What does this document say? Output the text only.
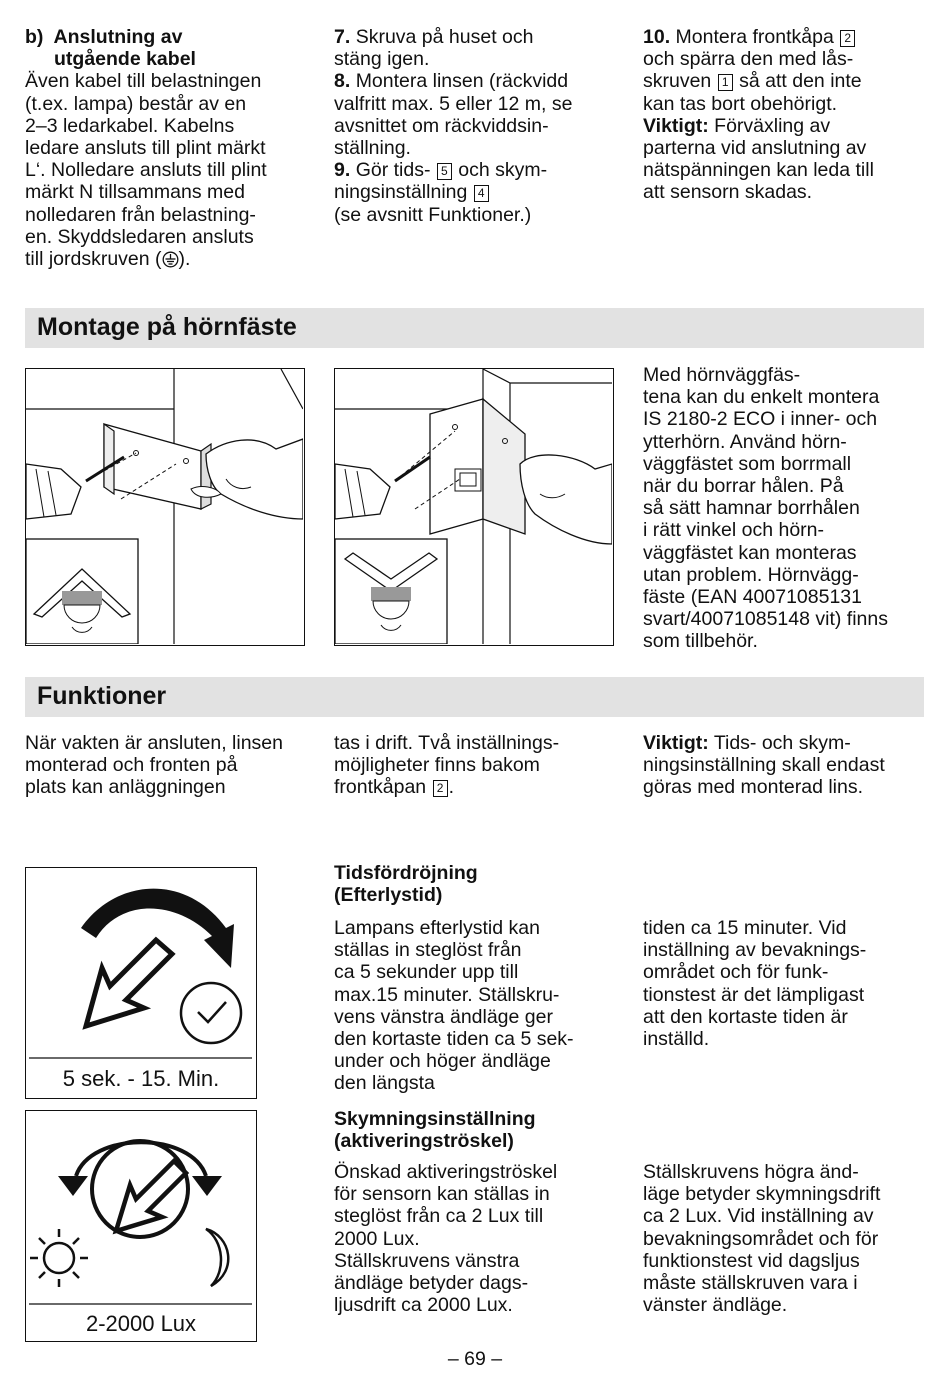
b) Anslutning av

utgående kabel

Även kabel till belastningen

(t.ex. lampa) består av en

2–3 ledarkabel. Kabelns

ledare ansluts till plint märkt

L‘. Nolledare ansluts till plint

märkt N tillsammans med

nolledaren från belastning-

en. Skyddsledaren ansluts

till jordskruven ( ).

7. Skruva på huset och

stäng igen.

8. Montera linsen (räckvidd

valfritt max. 5 eller 12 m, se

avsnittet om räckviddsin-

ställning.

9. Gör tids- 5 och skym-

ningsinställning 4

(se avsnitt Funktioner.)

10. Montera frontkåpa 2

och spärra den med lås-

skruven 1 så att den inte

kan tas bort obehörigt.

Viktigt: Förväxling av

parterna vid anslutning av

nätspänningen kan leda till

att sensorn skadas.

Montage på hörnfäste

Med hörnväggfäs-

tena kan du enkelt montera

IS 2180-2 ECO i inner- och

ytterhörn. Använd hörn-

väggfästet som borrmall

när du borrar hålen. På

så sätt hamnar borrhålen

i rätt vinkel och hörn-

väggfästet kan monteras

utan problem. Hörnvägg-

fäste (EAN 40071085131

svart/40071085148 vit) finns

som tillbehör.

Funktioner

När vakten är ansluten, linsen

monterad och fronten på

plats kan anläggningen

tas i drift. Två inställnings-

möjligheter finns bakom

frontkåpan 2 .

Viktigt: Tids- och skym-

ningsinställning skall endast

göras med monterad lins.

5 sek. - 15. Min.
Tidsfördröjning
(Efterlystid)

Lampans efterlystid kan

ställas in steglöst från

ca 5 sekunder upp till

max.15 minuter. Ställskru-

vens vänstra ändläge ger

den kortaste tiden ca 5 sek-

under och höger ändläge

den längsta

tiden ca 15 minuter. Vid

inställning av bevaknings-

området och för funk-

tionstest är det lämpligast

att den kortaste tiden är

inställd.

2-2000 Lux
Skymningsinställning
(aktiveringströskel)

Önskad aktiveringströskel

för sensorn kan ställas in

steglöst från ca 2 Lux till

2000 Lux.

Ställskruvens vänstra

ändläge betyder dags-

ljusdrift ca 2000 Lux.

Ställskruvens högra änd-

läge betyder skymningsdrift

ca 2 Lux. Vid inställning av

bevakningsområdet och för

funktionstest vid dagsljus

måste ställskruven vara i

vänster ändläge.

– 69 –
